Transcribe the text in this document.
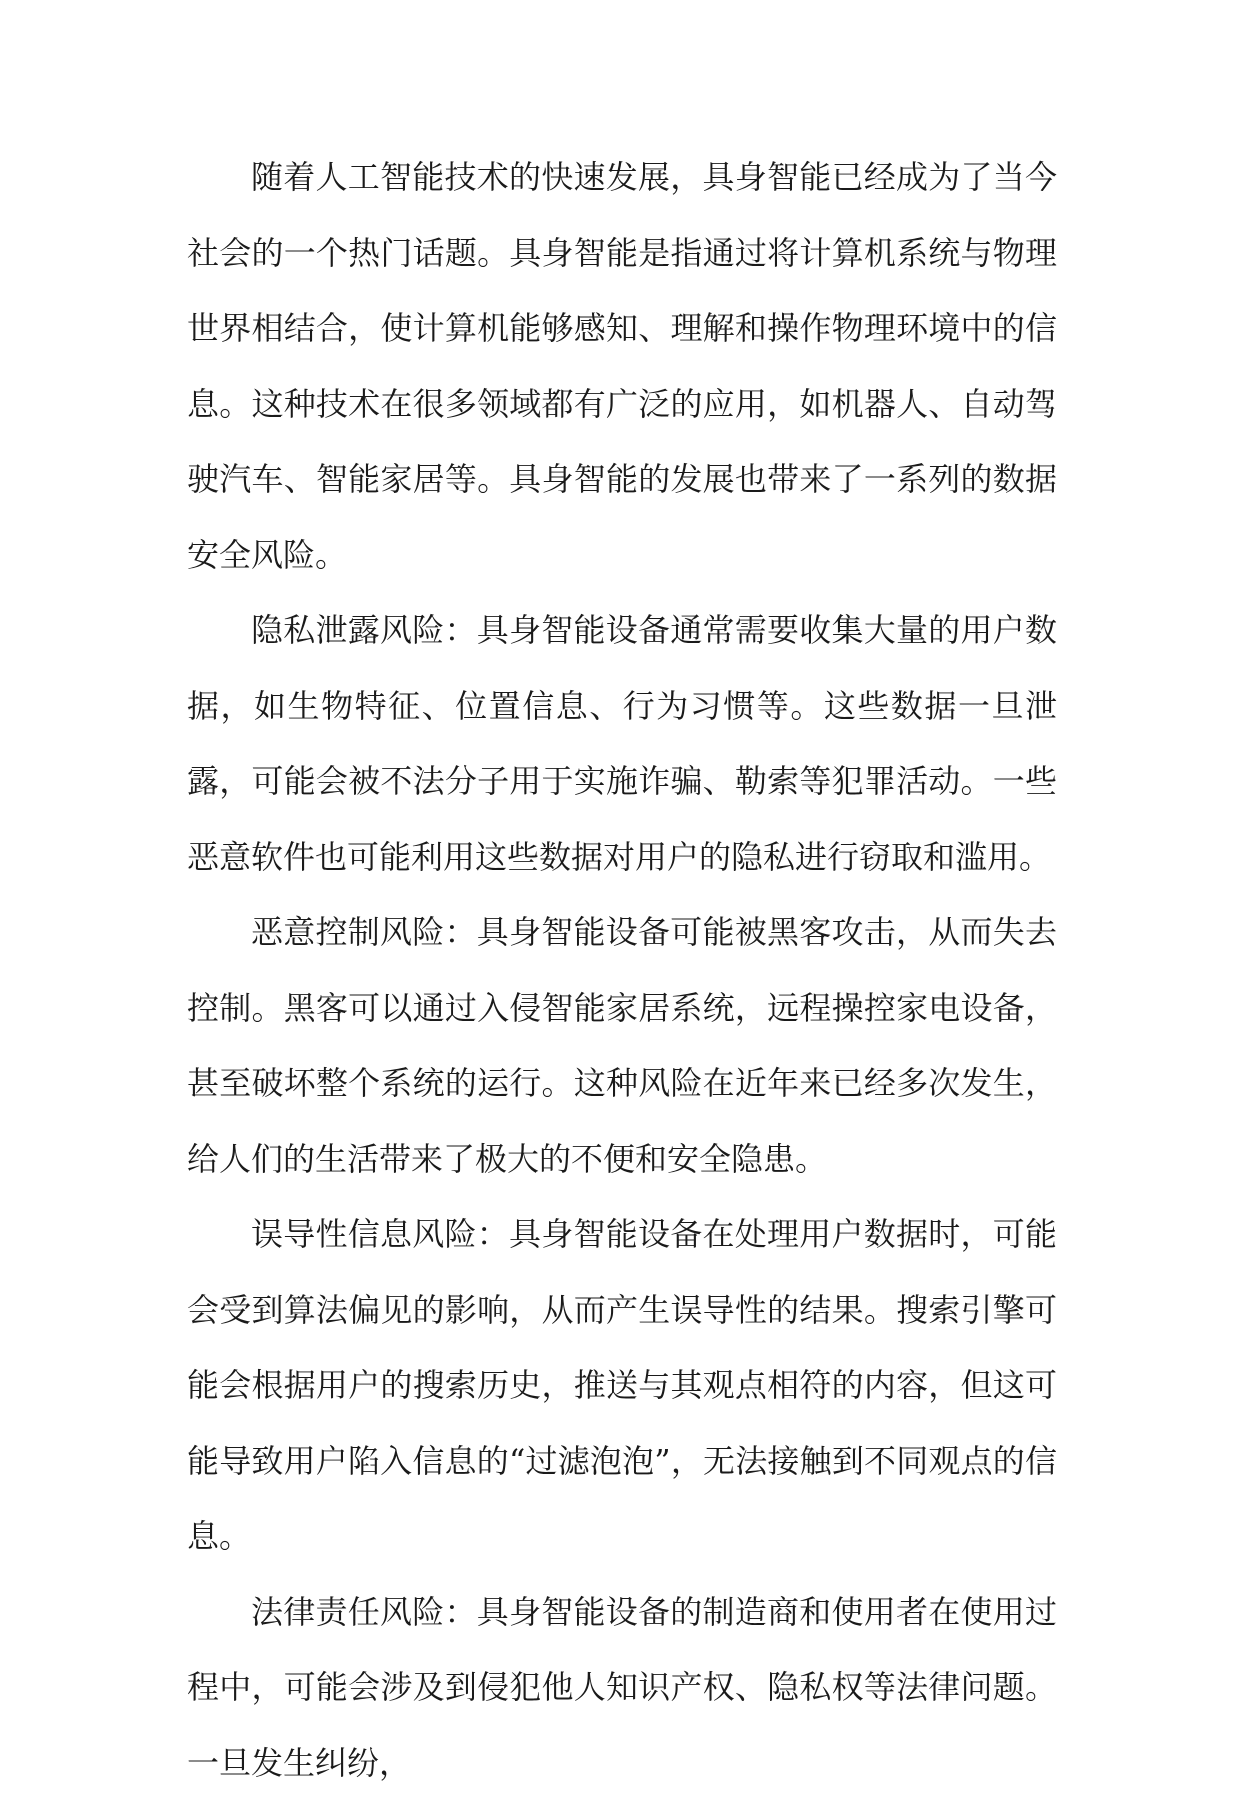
随着人工智能技术的快速发展，具身智能已经成为了当今社会的一个热门话题。具身智能是指通过将计算机系统与物理世界相结合，使计算机能够感知、理解和操作物理环境中的信息。这种技术在很多领域都有广泛的应用，如机器人、自动驾驶汽车、智能家居等。具身智能的发展也带来了一系列的数据安全风险。

隐私泄露风险：具身智能设备通常需要收集大量的用户数据，如生物特征、位置信息、行为习惯等。这些数据一旦泄露，可能会被不法分子用于实施诈骗、勒索等犯罪活动。一些恶意软件也可能利用这些数据对用户的隐私进行窃取和滥用。

恶意控制风险：具身智能设备可能被黑客攻击，从而失去控制。黑客可以通过入侵智能家居系统，远程操控家电设备，甚至破坏整个系统的运行。这种风险在近年来已经多次发生，给人们的生活带来了极大的不便和安全隐患。

误导性信息风险：具身智能设备在处理用户数据时，可能会受到算法偏见的影响，从而产生误导性的结果。搜索引擎可能会根据用户的搜索历史，推送与其观点相符的内容，但这可能导致用户陷入信息的“过滤泡泡”，无法接触到不同观点的信息。

法律责任风险：具身智能设备的制造商和使用者在使用过程中，可能会涉及到侵犯他人知识产权、隐私权等法律问题。一旦发生纠纷，
